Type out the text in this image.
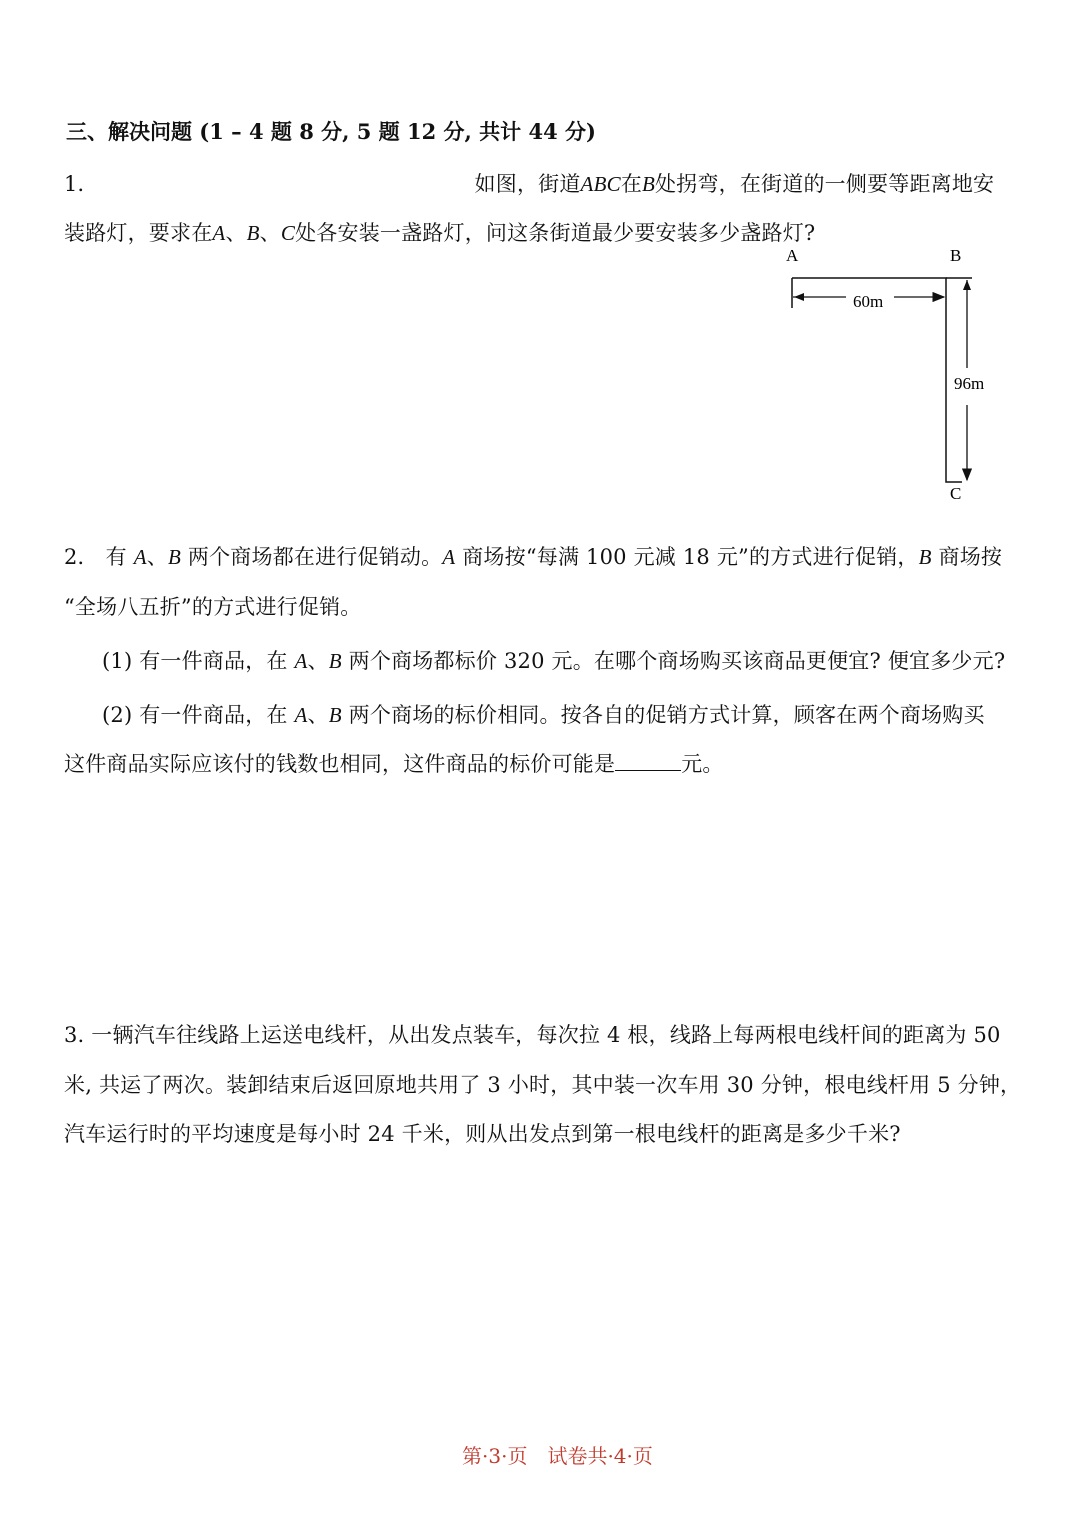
三、解决问题 (1 – 4 题 8 分, 5 题 12 分, 共计 44 分)
1．	如图，街道ABC在B处拐弯，在街道的一侧要等距离地安
装路灯，要求在A、B、C处各安装一盏路灯，问这条街道最少要安装多少盏路灯?
A	B
C
60m
96m
2． 有 A、B 两个商场都在进行促销动。A 商场按“每满 100 元减 18 元”的方式进行促销，B 商场按
“全场八五折”的方式进行促销。
(1) 有一件商品，在 A、B 两个商场都标价 320 元。在哪个商场购买该商品更便宜? 便宜多少元?
(2) 有一件商品，在 A、B 两个商场的标价相同。按各自的促销方式计算，顾客在两个商场购买
这件商品实际应该付的钱数也相同，这件商品的标价可能是	元。
3. 一辆汽车往线路上运送电线杆，从出发点装车，每次拉 4 根，线路上每两根电线杆间的距离为 50
米, 共运了两次。装卸结束后返回原地共用了 3 小时，其中装一次车用 30 分钟，根电线杆用 5 分钟，
汽车运行时的平均速度是每小时 24 千米，则从出发点到第一根电线杆的距离是多少千米?
第·3·页 试卷共·4·页
